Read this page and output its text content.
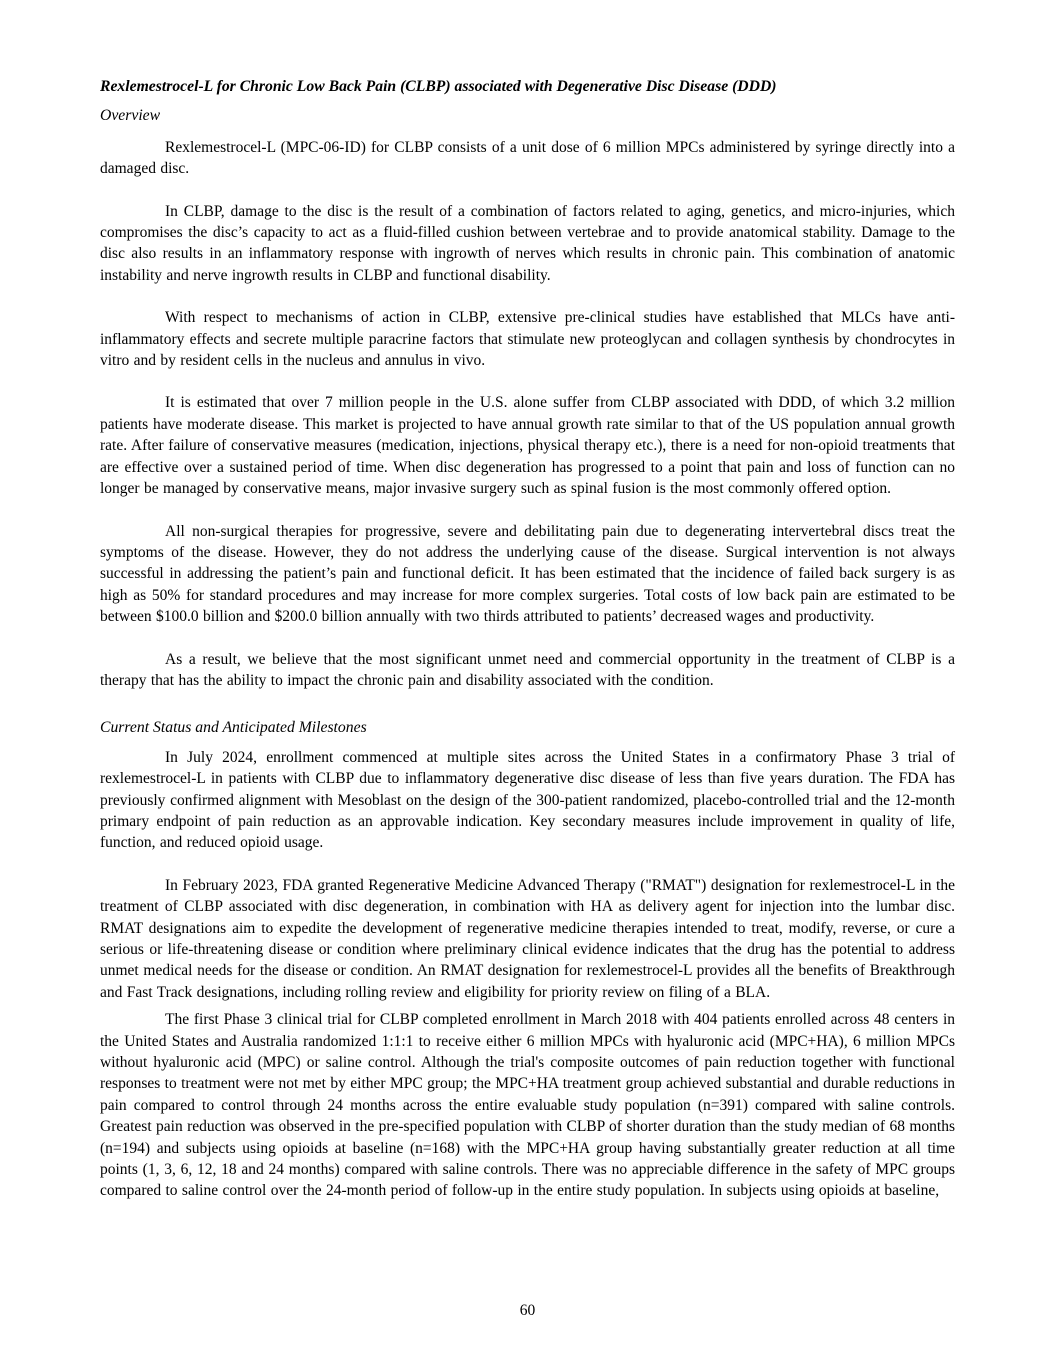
Rexlemestrocel-L for Chronic Low Back Pain (CLBP) associated with Degenerative Disc Disease (DDD)
Overview

Rexlemestrocel-L (MPC-06-ID) for CLBP consists of a unit dose of 6 million MPCs administered by syringe directly into a damaged disc.

In CLBP, damage to the disc is the result of a combination of factors related to aging, genetics, and micro-injuries, which compromises the disc’s capacity to act as a fluid-filled cushion between vertebrae and to provide anatomical stability. Damage to the disc also results in an inflammatory response with ingrowth of nerves which results in chronic pain. This combination of anatomic instability and nerve ingrowth results in CLBP and functional disability.

With respect to mechanisms of action in CLBP, extensive pre-clinical studies have established that MLCs have anti-inflammatory effects and secrete multiple paracrine factors that stimulate new proteoglycan and collagen synthesis by chondrocytes in vitro and by resident cells in the nucleus and annulus in vivo.

It is estimated that over 7 million people in the U.S. alone suffer from CLBP associated with DDD, of which 3.2 million patients have moderate disease. This market is projected to have annual growth rate similar to that of the US population annual growth rate. After failure of conservative measures (medication, injections, physical therapy etc.), there is a need for non-opioid treatments that are effective over a sustained period of time. When disc degeneration has progressed to a point that pain and loss of function can no longer be managed by conservative means, major invasive surgery such as spinal fusion is the most commonly offered option.

All non-surgical therapies for progressive, severe and debilitating pain due to degenerating intervertebral discs treat the symptoms of the disease. However, they do not address the underlying cause of the disease. Surgical intervention is not always successful in addressing the patient’s pain and functional deficit. It has been estimated that the incidence of failed back surgery is as high as 50% for standard procedures and may increase for more complex surgeries. Total costs of low back pain are estimated to be between $100.0 billion and $200.0 billion annually with two thirds attributed to patients’ decreased wages and productivity.

As a result, we believe that the most significant unmet need and commercial opportunity in the treatment of CLBP is a therapy that has the ability to impact the chronic pain and disability associated with the condition.

Current Status and Anticipated Milestones

In July 2024, enrollment commenced at multiple sites across the United States in a confirmatory Phase 3 trial of rexlemestrocel-L in patients with CLBP due to inflammatory degenerative disc disease of less than five years duration. The FDA has previously confirmed alignment with Mesoblast on the design of the 300-patient randomized, placebo-controlled trial and the 12-month primary endpoint of pain reduction as an approvable indication. Key secondary measures include improvement in quality of life, function, and reduced opioid usage.

In February 2023, FDA granted Regenerative Medicine Advanced Therapy ("RMAT") designation for rexlemestrocel-L in the treatment of CLBP associated with disc degeneration, in combination with HA as delivery agent for injection into the lumbar disc. RMAT designations aim to expedite the development of regenerative medicine therapies intended to treat, modify, reverse, or cure a serious or life-threatening disease or condition where preliminary clinical evidence indicates that the drug has the potential to address unmet medical needs for the disease or condition. An RMAT designation for rexlemestrocel-L provides all the benefits of Breakthrough and Fast Track designations, including rolling review and eligibility for priority review on filing of a BLA.

The first Phase 3 clinical trial for CLBP completed enrollment in March 2018 with 404 patients enrolled across 48 centers in the United States and Australia randomized 1:1:1 to receive either 6 million MPCs with hyaluronic acid (MPC+HA), 6 million MPCs without hyaluronic acid (MPC) or saline control. Although the trial's composite outcomes of pain reduction together with functional responses to treatment were not met by either MPC group; the MPC+HA treatment group achieved substantial and durable reductions in pain compared to control through 24 months across the entire evaluable study population (n=391) compared with saline controls. Greatest pain reduction was observed in the pre-specified population with CLBP of shorter duration than the study median of 68 months (n=194) and subjects using opioids at baseline (n=168) with the MPC+HA group having substantially greater reduction at all time points (1, 3, 6, 12, 18 and 24 months) compared with saline controls. There was no appreciable difference in the safety of MPC groups compared to saline control over the 24-month period of follow-up in the entire study population. In subjects using opioids at baseline,

60
